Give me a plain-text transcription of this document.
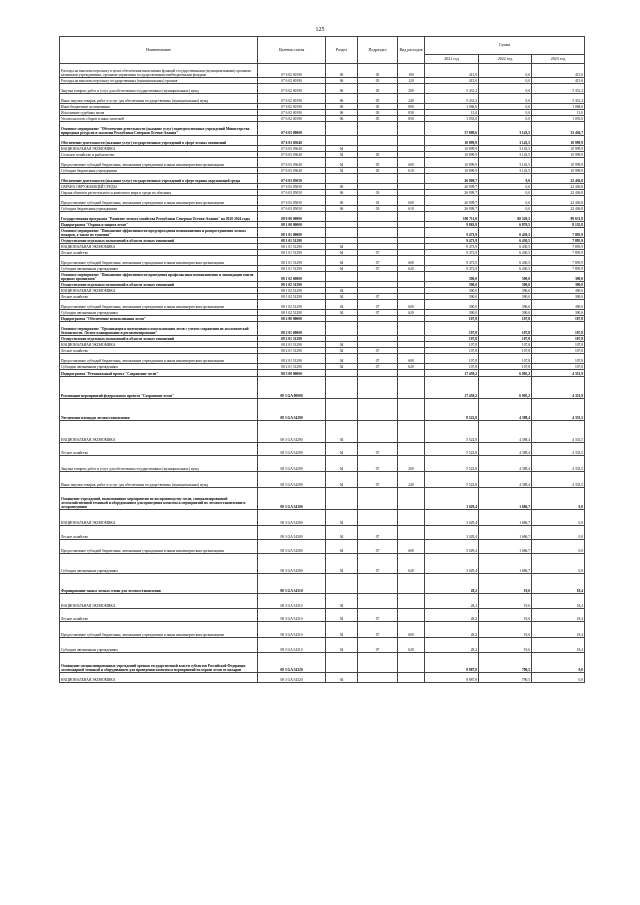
125
Наименование	Целевая статья	Раздел	Подраздел	Вид расходов	Сумма		
					2021 год	2022 год	2023 год
Расходы на выплаты персоналу в целях обеспечения выполнения функций государственными (муниципальными) органами, казенными учреждениями, органами управления государственными внебюджетными фондами	07 6 02 00190	06	05	100	415,0	0,0	415,0
Расходы на выплаты персоналу государственных (муниципальных) органов	07 6 02 00190	06	05	120	415,0	0,0	415,0
Закупка товаров, работ и услуг для обеспечения государственных (муниципальных) нужд	07 6 02 00190	06	05	200	5 431,2	0,0	5 431,2
Иные закупки товаров, работ и услуг для обеспечения государственных (муниципальных) нужд	07 6 02 00190	06	05	240	5 431,2	0,0	5 431,2
Иные бюджетные ассигнования	07 6 02 00190	06	05	800	1 068,0	0,0	1 068,0
Исполнение судебных актов	07 6 02 00190	06	05	830	13,0	0,0	13,0
Уплата налогов, сборов и иных платежей	07 6 02 00190	06	05	850	1 055,0	0,0	1 055,0
Основное мероприятие "Обеспечение деятельности (оказание услуг) подведомственных учреждений Министерства природных ресурсов и экологии Республики Северная Осетия-Алания"	07 6 03 00000				37 809,6	3 143,5	33 436,7
Обеспечение деятельности (оказание услуг) государственных учреждений в сфере лесных отношений	07 6 03 05040				10 899,9	3 143,5	10 999,9
НАЦИОНАЛЬНАЯ ЭКОНОМИКА	07 6 03 05040	04			10 899,9	3 143,5	10 999,9
Сельское хозяйство и рыболовство	07 6 03 05040	04	05		10 899,9	3 143,5	10 999,9
Предоставление субсидий бюджетным, автономным учреждениям и иным некоммерческим организациям	07 6 03 05040	04	05	600	10 899,9	3 143,5	10 999,9
Субсидии бюджетным учреждениям	07 6 03 05040	04	05	610	10 899,9	3 143,5	10 999,9
Обеспечение деятельности (оказание услуг) государственных учреждений в сфере охраны окружающей среды	07 6 03 05050				26 909,7	0,0	22 436,8
ОХРАНА ОКРУЖАЮЩЕЙ СРЕДЫ	07 6 03 05050	06			26 909,7	0,0	22 436,8
Охрана объектов растительного и животного мира и среды их обитания	07 6 03 05050	06	03		26 909,7	0,0	22 436,8
Предоставление субсидий бюджетным, автономным учреждениям и иным некоммерческим организациям	07 6 03 05050	06	03	600	26 909,7	0,0	22 436,8
Субсидии бюджетным учреждениям	07 6 03 05050	06	03	610	26 909,7	0,0	22 436,8
Государственная программа "Развитие лесного хозяйства Республики Северная Осетия-Алания" на 2020-2024 годы	08 0 00 00000				100 711,0	80 320,5	89 631,8
Подпрограмма "Охрана и защита лесов"	08 1 00 00000				9 863,9	6 870,5	8 135,8
Основное мероприятие "Повышение эффективности предупреждения возникновения и распространения лесных пожаров, а также их тушения"	08 1 01 00000				9 473,9	6 430,5	7 895,9
Осуществление отдельных полномочий в области лесных отношений	08 1 01 51290				9 473,9	6 430,5	7 895,9
НАЦИОНАЛЬНАЯ ЭКОНОМИКА	08 1 01 51290	04			9 473,9	6 430,5	7 895,9
Лесное хозяйство	08 1 01 51290	04	07		9 473,9	6 430,5	7 895,9
Предоставление субсидий бюджетным, автономным учреждениям и иным некоммерческим организациям	08 1 01 51290	04	07	600	9 473,9	6 430,5	7 895,9
Субсидии автономным учреждениям	08 1 01 51290	04	07	620	9 473,9	6 430,5	7 895,9
Основное мероприятие "Повышение эффективности проведения профилактики возникновения и ликвидации очагов вредных организмов"	08 1 02 00000				390,0	390,0	390,0
Осуществление отдельных полномочий в области лесных отношений	08 1 02 51290				390,0	390,0	390,0
НАЦИОНАЛЬНАЯ ЭКОНОМИКА	08 1 02 51290	04			390,0	390,0	390,0
Лесное хозяйство	08 1 02 51290	04	07		390,0	390,0	390,0
Предоставление субсидий бюджетным, автономным учреждениям и иным некоммерческим организациям	08 1 02 51290	04	07	600	390,0	390,0	390,0
Субсидии автономным учреждениям	08 1 02 51290	04	07	620	390,0	390,0	390,0
Подпрограмма "Обеспечение использования лесов"	08 2 00 00000				107,8	107,8	107,8
Основное мероприятие "Организация и интенсивного использования лесов с учетом сохранения их экологической безопасности. Лесное планирование и регламентирование"	08 2 01 00000				107,8	107,8	107,8
Осуществление отдельных полномочий в области лесных отношений	08 2 01 51290				107,8	107,8	107,8
НАЦИОНАЛЬНАЯ ЭКОНОМИКА	08 2 01 51290	04			107,8	107,8	107,8
Лесное хозяйство	08 2 01 51290	04	07		107,8	107,8	107,8
Предоставление субсидий бюджетным, автономным учреждениям и иным некоммерческим организациям	08 2 01 51290	04	07	600	107,8	107,8	107,8
Субсидии автономным учреждениям	08 2 01 51290	04	07	620	107,8	107,8	107,8
Подпрограмма "Региональный проект "Сохранение лесов"	08 3 00 00000				17 459,2	6 005,2	4 351,9
Реализация мероприятий федерального проекта "Сохранение лесов"	08 3 GA 00000				17 459,2	6 005,2	4 351,9
Увеличение площади лесовосстановления	08 3 GA 54290				8 522,8	4 388,4	4 333,5
НАЦИОНАЛЬНАЯ ЭКОНОМИКА	08 3 GA 54290	04			5 522,8	4 388,4	4 333,5
Лесное хозяйство	08 3 GA 54290	04	07		5 522,8	4 388,4	4 333,5
Закупка товаров, работ и услуг для обеспечения государственных (муниципальных) нужд	08 3 GA 54290	04	07	200	5 522,8	4 388,4	4 333,5
Иные закупки товаров, работ и услуг для обеспечения государственных (муниципальных) нужд	08 3 GA 54290	04	07	240	5 522,8	4 388,4	4 333,5
Оснащение учреждений, выполняющих мероприятия по воспроизводству лесов, специализированной лесохозяйственной техникой и оборудованием для проведения комплекса мероприятий по лесовосстановлению и лесоразведению	08 3 GA 54300				3 029,4	1 686,7	0,0
НАЦИОНАЛЬНАЯ ЭКОНОМИКА	08 3 GA 54300	04			3 029,4	1 686,7	0,0
Лесное хозяйство	08 3 GA 54300	04	07		3 029,4	1 686,7	0,0
Предоставление субсидий бюджетным, автономным учреждениям и иным некоммерческим организациям	08 3 GA 54300	04	07	600	3 029,4	1 686,7	0,0
Субсидии автономным учреждениям	08 3 GA 54300	04	07	620	3 029,4	1 686,7	0,0
Формирование запаса лесных семян для лесовосстановления	08 3 GA 54310				28,2	19,6	18,4
НАЦИОНАЛЬНАЯ ЭКОНОМИКА	08 3 GA 54310	04			28,2	19,6	18,4
Лесное хозяйство	08 3 GA 54310	04	07		28,2	19,6	18,4
Предоставление субсидий бюджетным, автономным учреждениям и иным некоммерческим организациям	08 3 GA 54310	04	07	600	28,2	19,6	18,4
Субсидии автономным учреждениям	08 3 GA 54310	04	07	620	28,2	19,6	18,4
Оснащение специализированных учреждений органов государственной власти субъектов Российской Федерации лесопожарной техникой и оборудованием для проведения комплекса мероприятий по охране лесов от пожаров	08 3 GA 54320				8 887,8	790,5	0,0
НАЦИОНАЛЬНАЯ ЭКОНОМИКА	08 3 GA 54320	04			8 887,8	790,5	0,0
